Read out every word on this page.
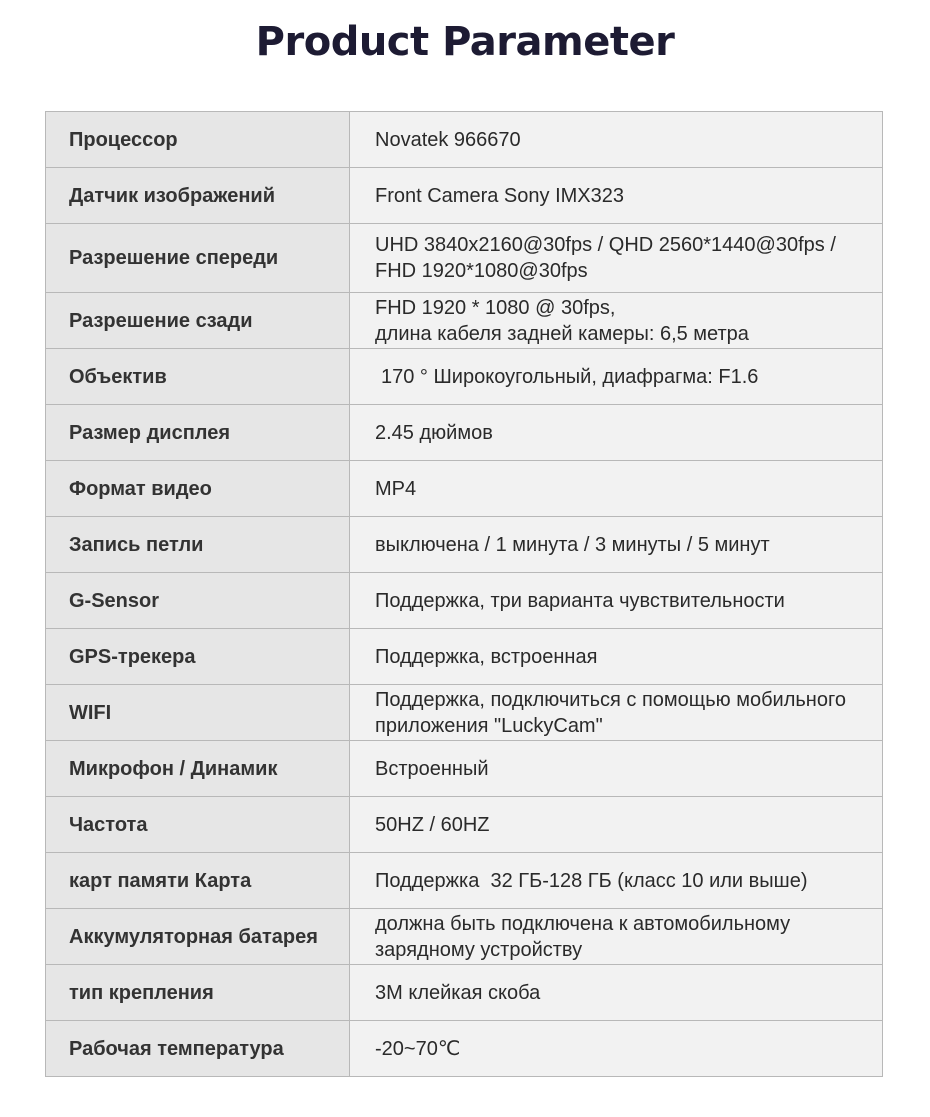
Product Parameter
Процессор	Novatek 966670
Датчик изображений	Front Camera Sony IMX323
Разрешение спереди	UHD 3840x2160@30fps / QHD 2560*1440@30fps / FHD 1920*1080@30fps
Разрешение сзади	FHD 1920 * 1080 @ 30fps,
длина кабеля задней камеры: 6,5 метра
Объектив	170 ° Широкоугольный, диафрагма: F1.6
Размер дисплея	2.45 дюймов
Формат видео	MP4
Запись петли	выключена / 1 минута / 3 минуты / 5 минут
G-Sensor	Поддержка, три варианта чувствительности
GPS-трекера	Поддержка, встроенная
WIFI	Поддержка, подключиться с помощью мобильного приложения "LuckyCam"
Микрофон / Динамик	Встроенный
Частота	50HZ / 60HZ
карт памяти Карта	Поддержка  32 ГБ-128 ГБ (класс 10 или выше)
Аккумуляторная батарея	должна быть подключена к автомобильному зарядному устройству
тип крепления	3M клейкая скоба
Рабочая температура	-20~70℃
